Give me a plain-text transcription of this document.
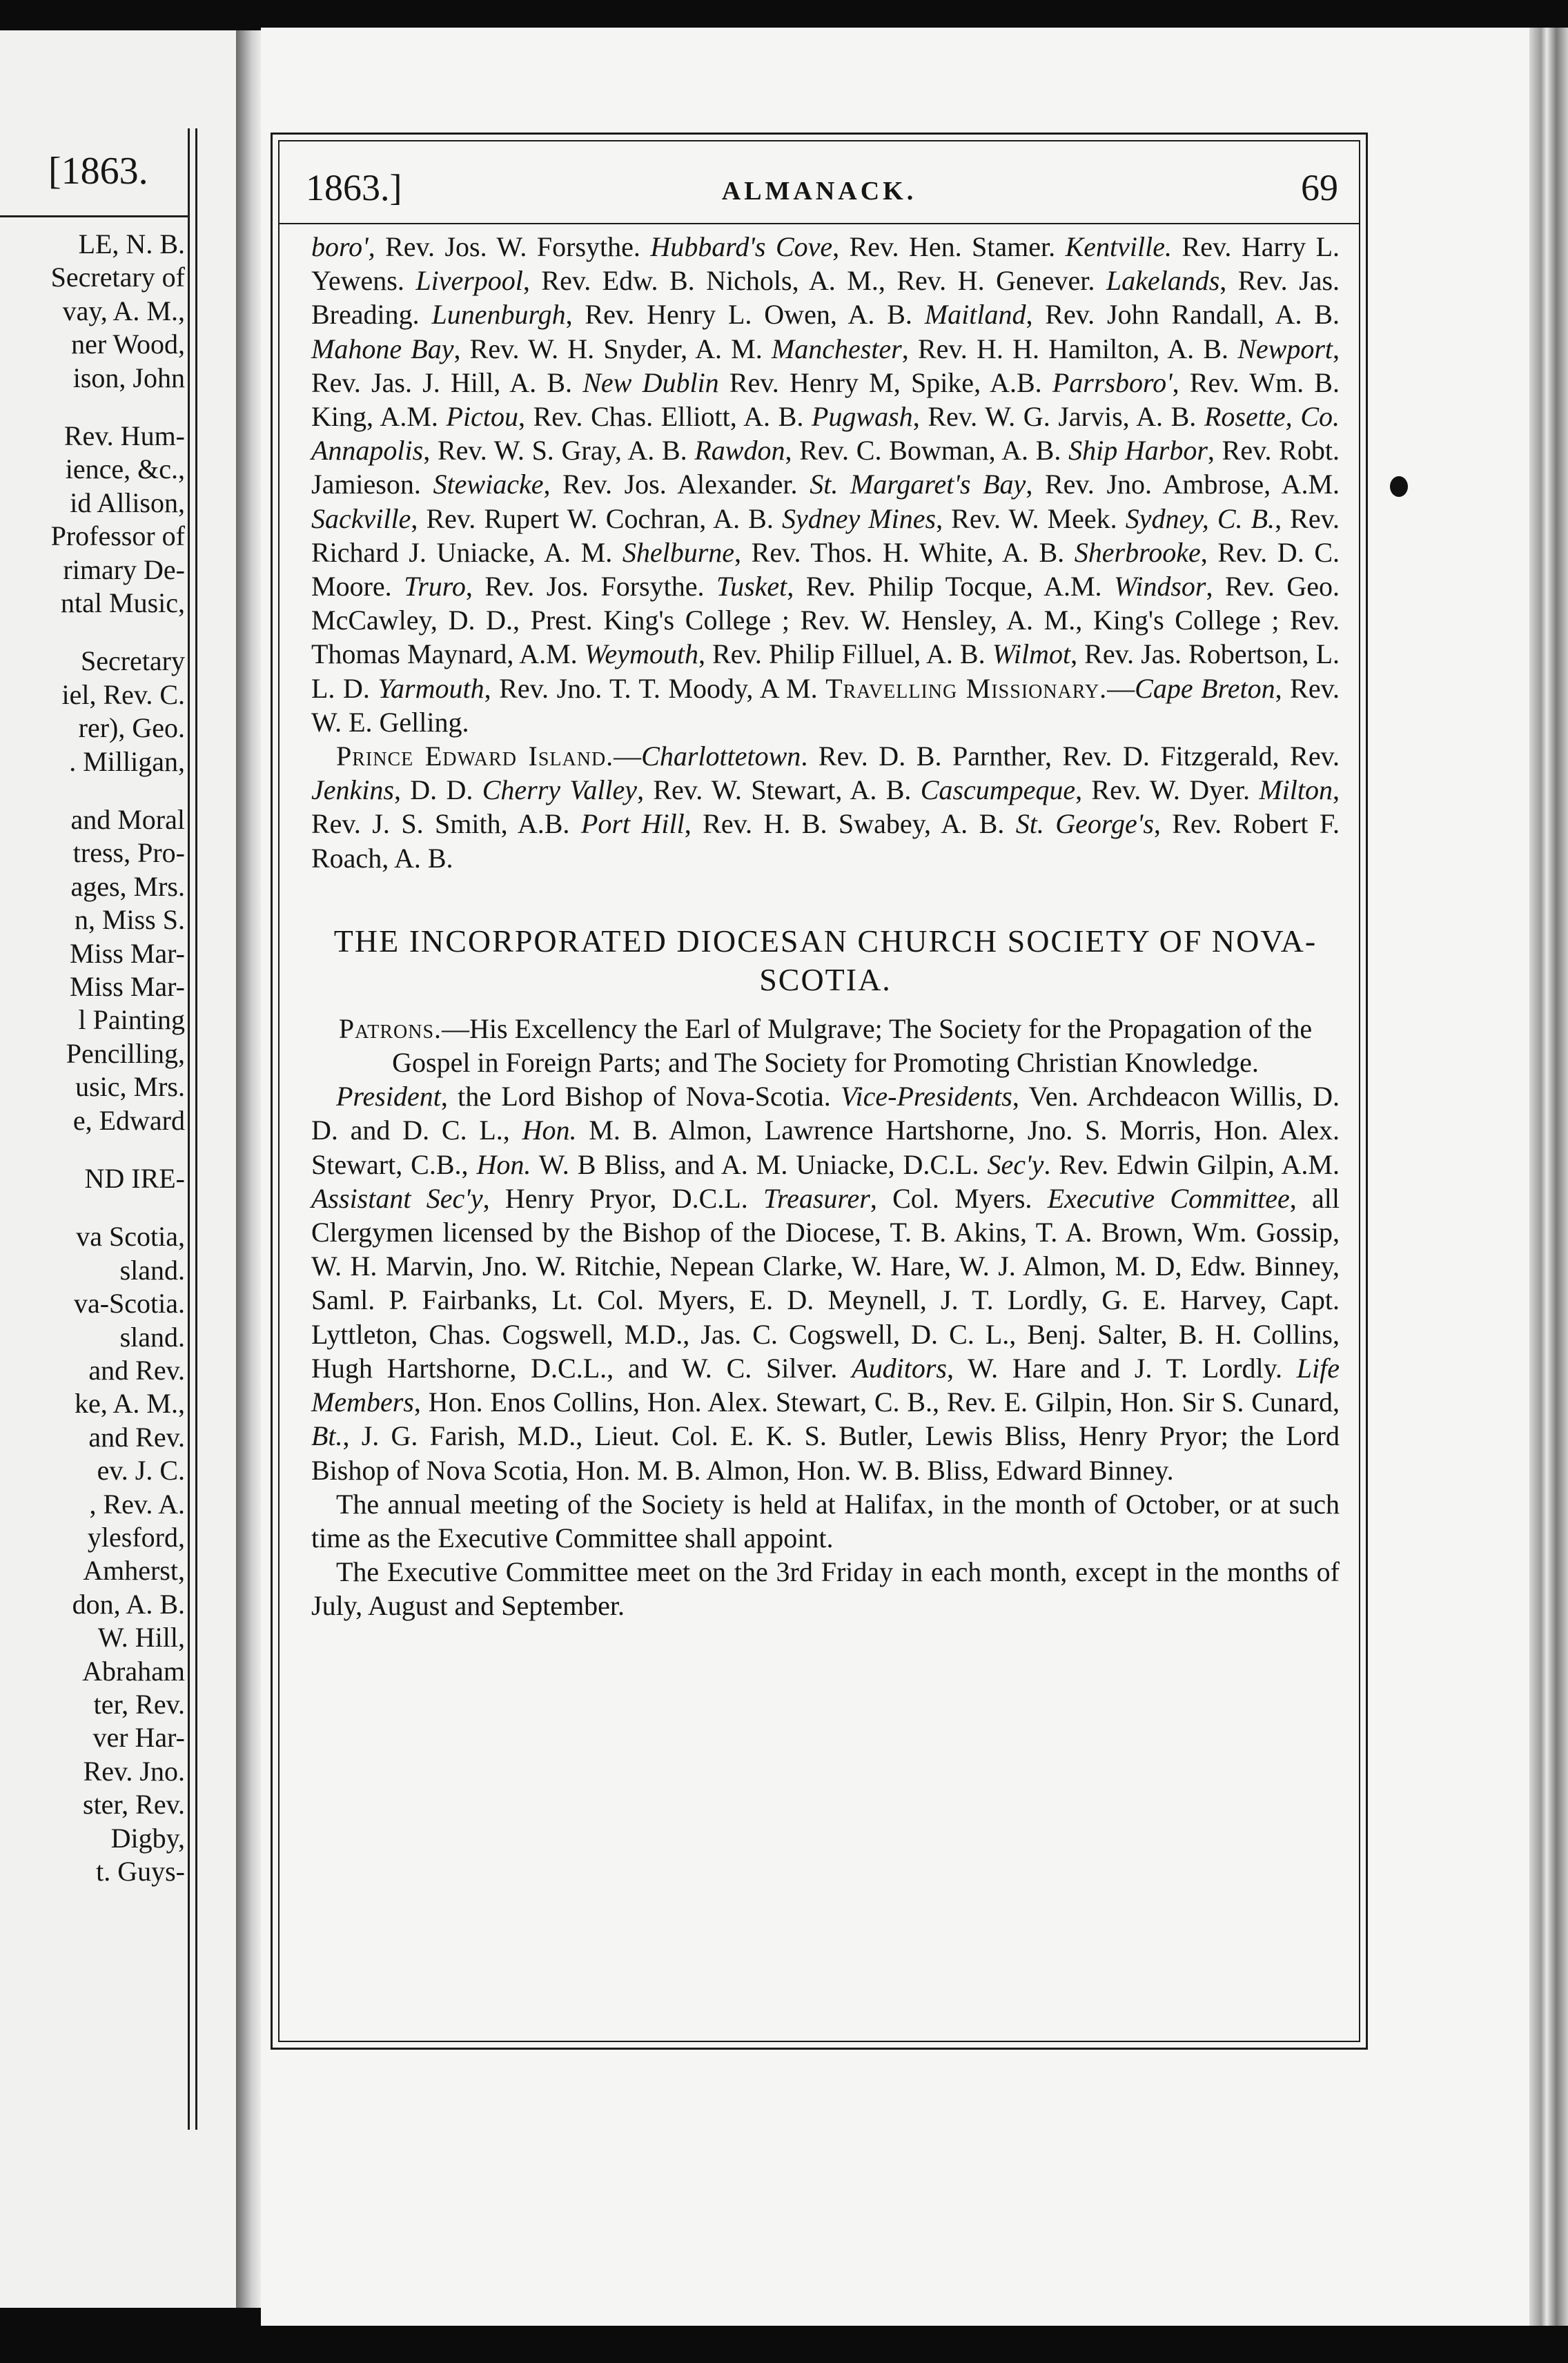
[1863.
LE, N. B.
Secretary of
vay, A. M.,
ner Wood,
ison, John
Rev. Hum-
ience, &c.,
id Allison,
Professor of
rimary De-
ntal Music,
Secretary
iel, Rev. C.
rer), Geo.
. Milligan,
and Moral
tress, Pro-
ages, Mrs.
n, Miss S.
Miss Mar-
Miss Mar-
l Painting
Pencilling,
usic, Mrs.
e, Edward
ND IRE-
va Scotia,
sland.
va-Scotia.
sland.
and Rev.
ke, A. M.,
and Rev.
ev. J. C.
, Rev. A.
ylesford,
Amherst,
don, A. B.
W. Hill,
Abraham
ter, Rev.
ver Har-
Rev. Jno.
ster, Rev.
Digby,
t. Guys-
1863.]	ALMANACK.	69

boro', Rev. Jos. W. Forsythe. Hubbard's Cove, Rev. Hen. Stamer. Kentville. Rev. Harry L. Yewens. Liverpool, Rev. Edw. B. Nichols, A. M., Rev. H. Genever. Lakelands, Rev. Jas. Breading. Lunenburgh, Rev. Henry L. Owen, A. B. Maitland, Rev. John Randall, A. B. Mahone Bay, Rev. W. H. Snyder, A. M. Manchester, Rev. H. H. Hamilton, A. B. Newport, Rev. Jas. J. Hill, A. B. New Dublin Rev. Henry M, Spike, A.B. Parrsboro', Rev. Wm. B. King, A.M. Pictou, Rev. Chas. Elliott, A. B. Pugwash, Rev. W. G. Jarvis, A. B. Rosette, Co. Annapolis, Rev. W. S. Gray, A. B. Rawdon, Rev. C. Bowman, A. B. Ship Harbor, Rev. Robt. Jamieson. Stewiacke, Rev. Jos. Alexander. St. Margaret's Bay, Rev. Jno. Ambrose, A.M. Sackville, Rev. Rupert W. Cochran, A. B. Sydney Mines, Rev. W. Meek. Sydney, C. B., Rev. Richard J. Uniacke, A. M. Shelburne, Rev. Thos. H. White, A. B. Sherbrooke, Rev. D. C. Moore. Truro, Rev. Jos. Forsythe. Tusket, Rev. Philip Tocque, A.M. Windsor, Rev. Geo. McCawley, D. D., Prest. King's College ; Rev. W. Hensley, A. M., King's College ; Rev. Thomas Maynard, A.M. Weymouth, Rev. Philip Filluel, A. B. Wilmot, Rev. Jas. Robertson, L. L. D. Yarmouth, Rev. Jno. T. T. Moody, A M. Travelling Missionary.—Cape Breton, Rev. W. E. Gelling.

Prince Edward Island.—Charlottetown. Rev. D. B. Parnther, Rev. D. Fitzgerald, Rev. Jenkins, D. D. Cherry Valley, Rev. W. Stewart, A. B. Cascumpeque, Rev. W. Dyer. Milton, Rev. J. S. Smith, A.B. Port Hill, Rev. H. B. Swabey, A. B. St. George's, Rev. Robert F. Roach, A. B.

THE INCORPORATED DIOCESAN CHURCH SOCIETY OF NOVA-SCOTIA.

Patrons.—His Excellency the Earl of Mulgrave; The Society for the Propagation of the Gospel in Foreign Parts; and The Society for Promoting Christian Knowledge.

President, the Lord Bishop of Nova-Scotia. Vice-Presidents, Ven. Archdeacon Willis, D. D. and D. C. L., Hon. M. B. Almon, Lawrence Hartshorne, Jno. S. Morris, Hon. Alex. Stewart, C.B., Hon. W. B Bliss, and A. M. Uniacke, D.C.L. Sec'y. Rev. Edwin Gilpin, A.M. Assistant Sec'y, Henry Pryor, D.C.L. Treasurer, Col. Myers. Executive Committee, all Clergymen licensed by the Bishop of the Diocese, T. B. Akins, T. A. Brown, Wm. Gossip, W. H. Marvin, Jno. W. Ritchie, Nepean Clarke, W. Hare, W. J. Almon, M. D, Edw. Binney, Saml. P. Fairbanks, Lt. Col. Myers, E. D. Meynell, J. T. Lordly, G. E. Harvey, Capt. Lyttleton, Chas. Cogswell, M.D., Jas. C. Cogswell, D. C. L., Benj. Salter, B. H. Collins, Hugh Hartshorne, D.C.L., and W. C. Silver. Auditors, W. Hare and J. T. Lordly. Life Members, Hon. Enos Collins, Hon. Alex. Stewart, C. B., Rev. E. Gilpin, Hon. Sir S. Cunard, Bt., J. G. Farish, M.D., Lieut. Col. E. K. S. Butler, Lewis Bliss, Henry Pryor; the Lord Bishop of Nova Scotia, Hon. M. B. Almon, Hon. W. B. Bliss, Edward Binney.

The annual meeting of the Society is held at Halifax, in the month of October, or at such time as the Executive Committee shall appoint.

The Executive Committee meet on the 3rd Friday in each month, except in the months of July, August and September.
